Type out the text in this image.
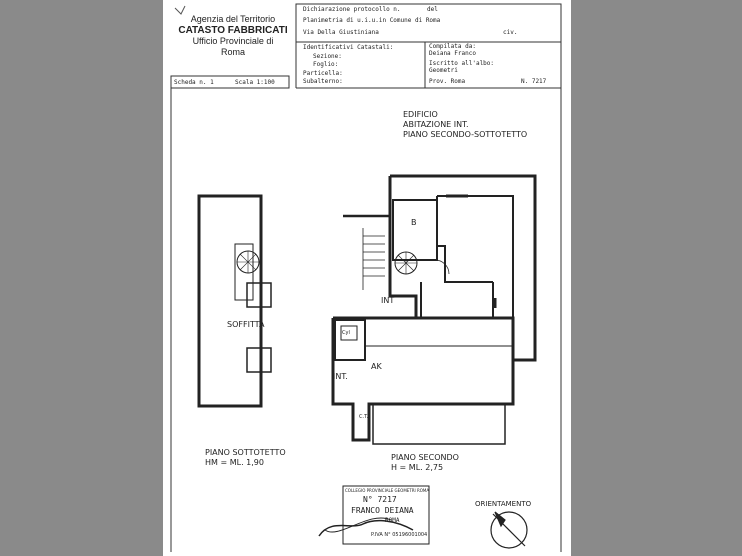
Agenzia del Territorio
CATASTO FABBRICATI
Ufficio Provinciale di
Roma
Dichiarazione protocollo n.	del
Planimetria di u.i.u.in Comune di Roma
Via Della Giustiniana	civ.
Identificativi Catastali:
Sezione:
Foglio:
Particella:
Subalterno:
Compilata da:
Deiana Franco
Iscritto all'albo:
Geometri
Prov. Roma	N. 7217
Scheda n. 1	Scala 1:100
EDIFICIO
ABITAZIONE INT.
PIANO SECONDO-SOTTOTETTO
B
INT
INT.
AK
C.T.
Cyl
SOFFITTA
PIANO SOTTOTETTO
HM = ML. 1,90
PIANO SECONDO
H = ML. 2,75
COLLEGIO PROVINCIALE GEOMETRI ROMA
N° 7217
FRANCO DEIANA
ROMA
P.IVA N° 05196001004
ORIENTAMENTO
